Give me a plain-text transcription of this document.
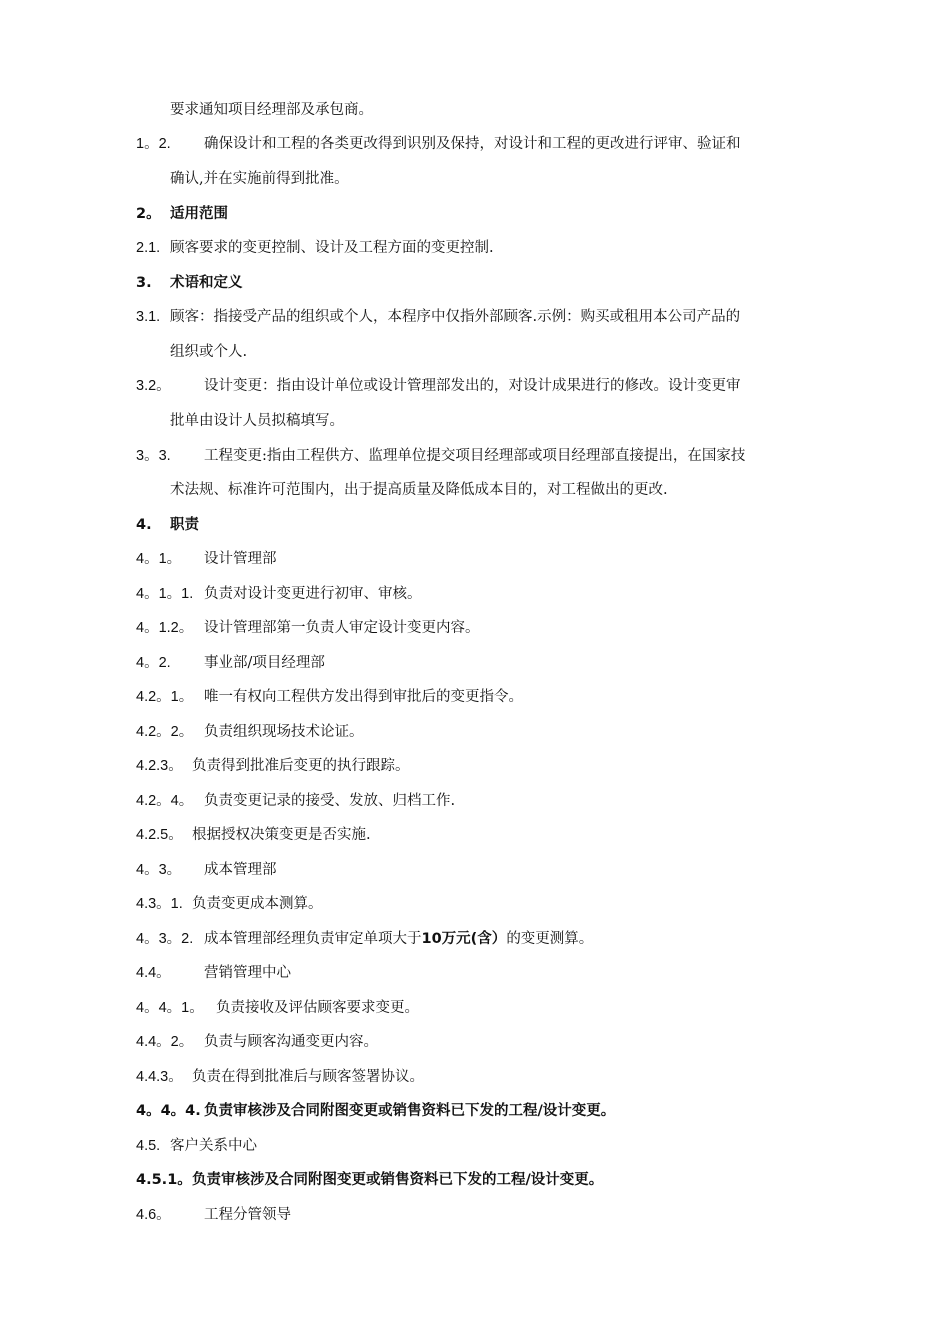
要求通知项目经理部及承包商。
1。2. 确保设计和工程的各类更改得到识别及保持，对设计和工程的更改进行评审、验证和
确认,并在实施前得到批准。
2。 适用范围
2.1. 顾客要求的变更控制、设计及工程方面的变更控制.
3. 术语和定义
3.1. 顾客：指接受产品的组织或个人，本程序中仅指外部顾客.示例：购买或租用本公司产品的
组织或个人.
3.2。 设计变更：指由设计单位或设计管理部发出的，对设计成果进行的修改。设计变更审
批单由设计人员拟稿填写。
3。3. 工程变更:指由工程供方、监理单位提交项目经理部或项目经理部直接提出，在国家技
术法规、标准许可范围内，出于提高质量及降低成本目的，对工程做出的更改.
4. 职责
4。1。 设计管理部
4。1。1. 负责对设计变更进行初审、审核。
4。1.2。 设计管理部第一负责人审定设计变更内容。
4。2. 事业部/项目经理部
4.2。1。 唯一有权向工程供方发出得到审批后的变更指令。
4.2。2。 负责组织现场技术论证。
4.2.3。 负责得到批准后变更的执行跟踪。
4.2。4。 负责变更记录的接受、发放、归档工作.
4.2.5。 根据授权决策变更是否实施.
4。3。 成本管理部
4.3。1. 负责变更成本测算。
4。3。2. 成本管理部经理负责审定单项大于10万元(含）的变更测算。
4.4。 营销管理中心
4。4。1。 负责接收及评估顾客要求变更。
4.4。2。 负责与顾客沟通变更内容。
4.4.3。 负责在得到批准后与顾客签署协议。
4。4。4. 负责审核涉及合同附图变更或销售资料已下发的工程/设计变更。
4.5. 客户关系中心
4.5.1。负责审核涉及合同附图变更或销售资料已下发的工程/设计变更。
4.6。 工程分管领导
